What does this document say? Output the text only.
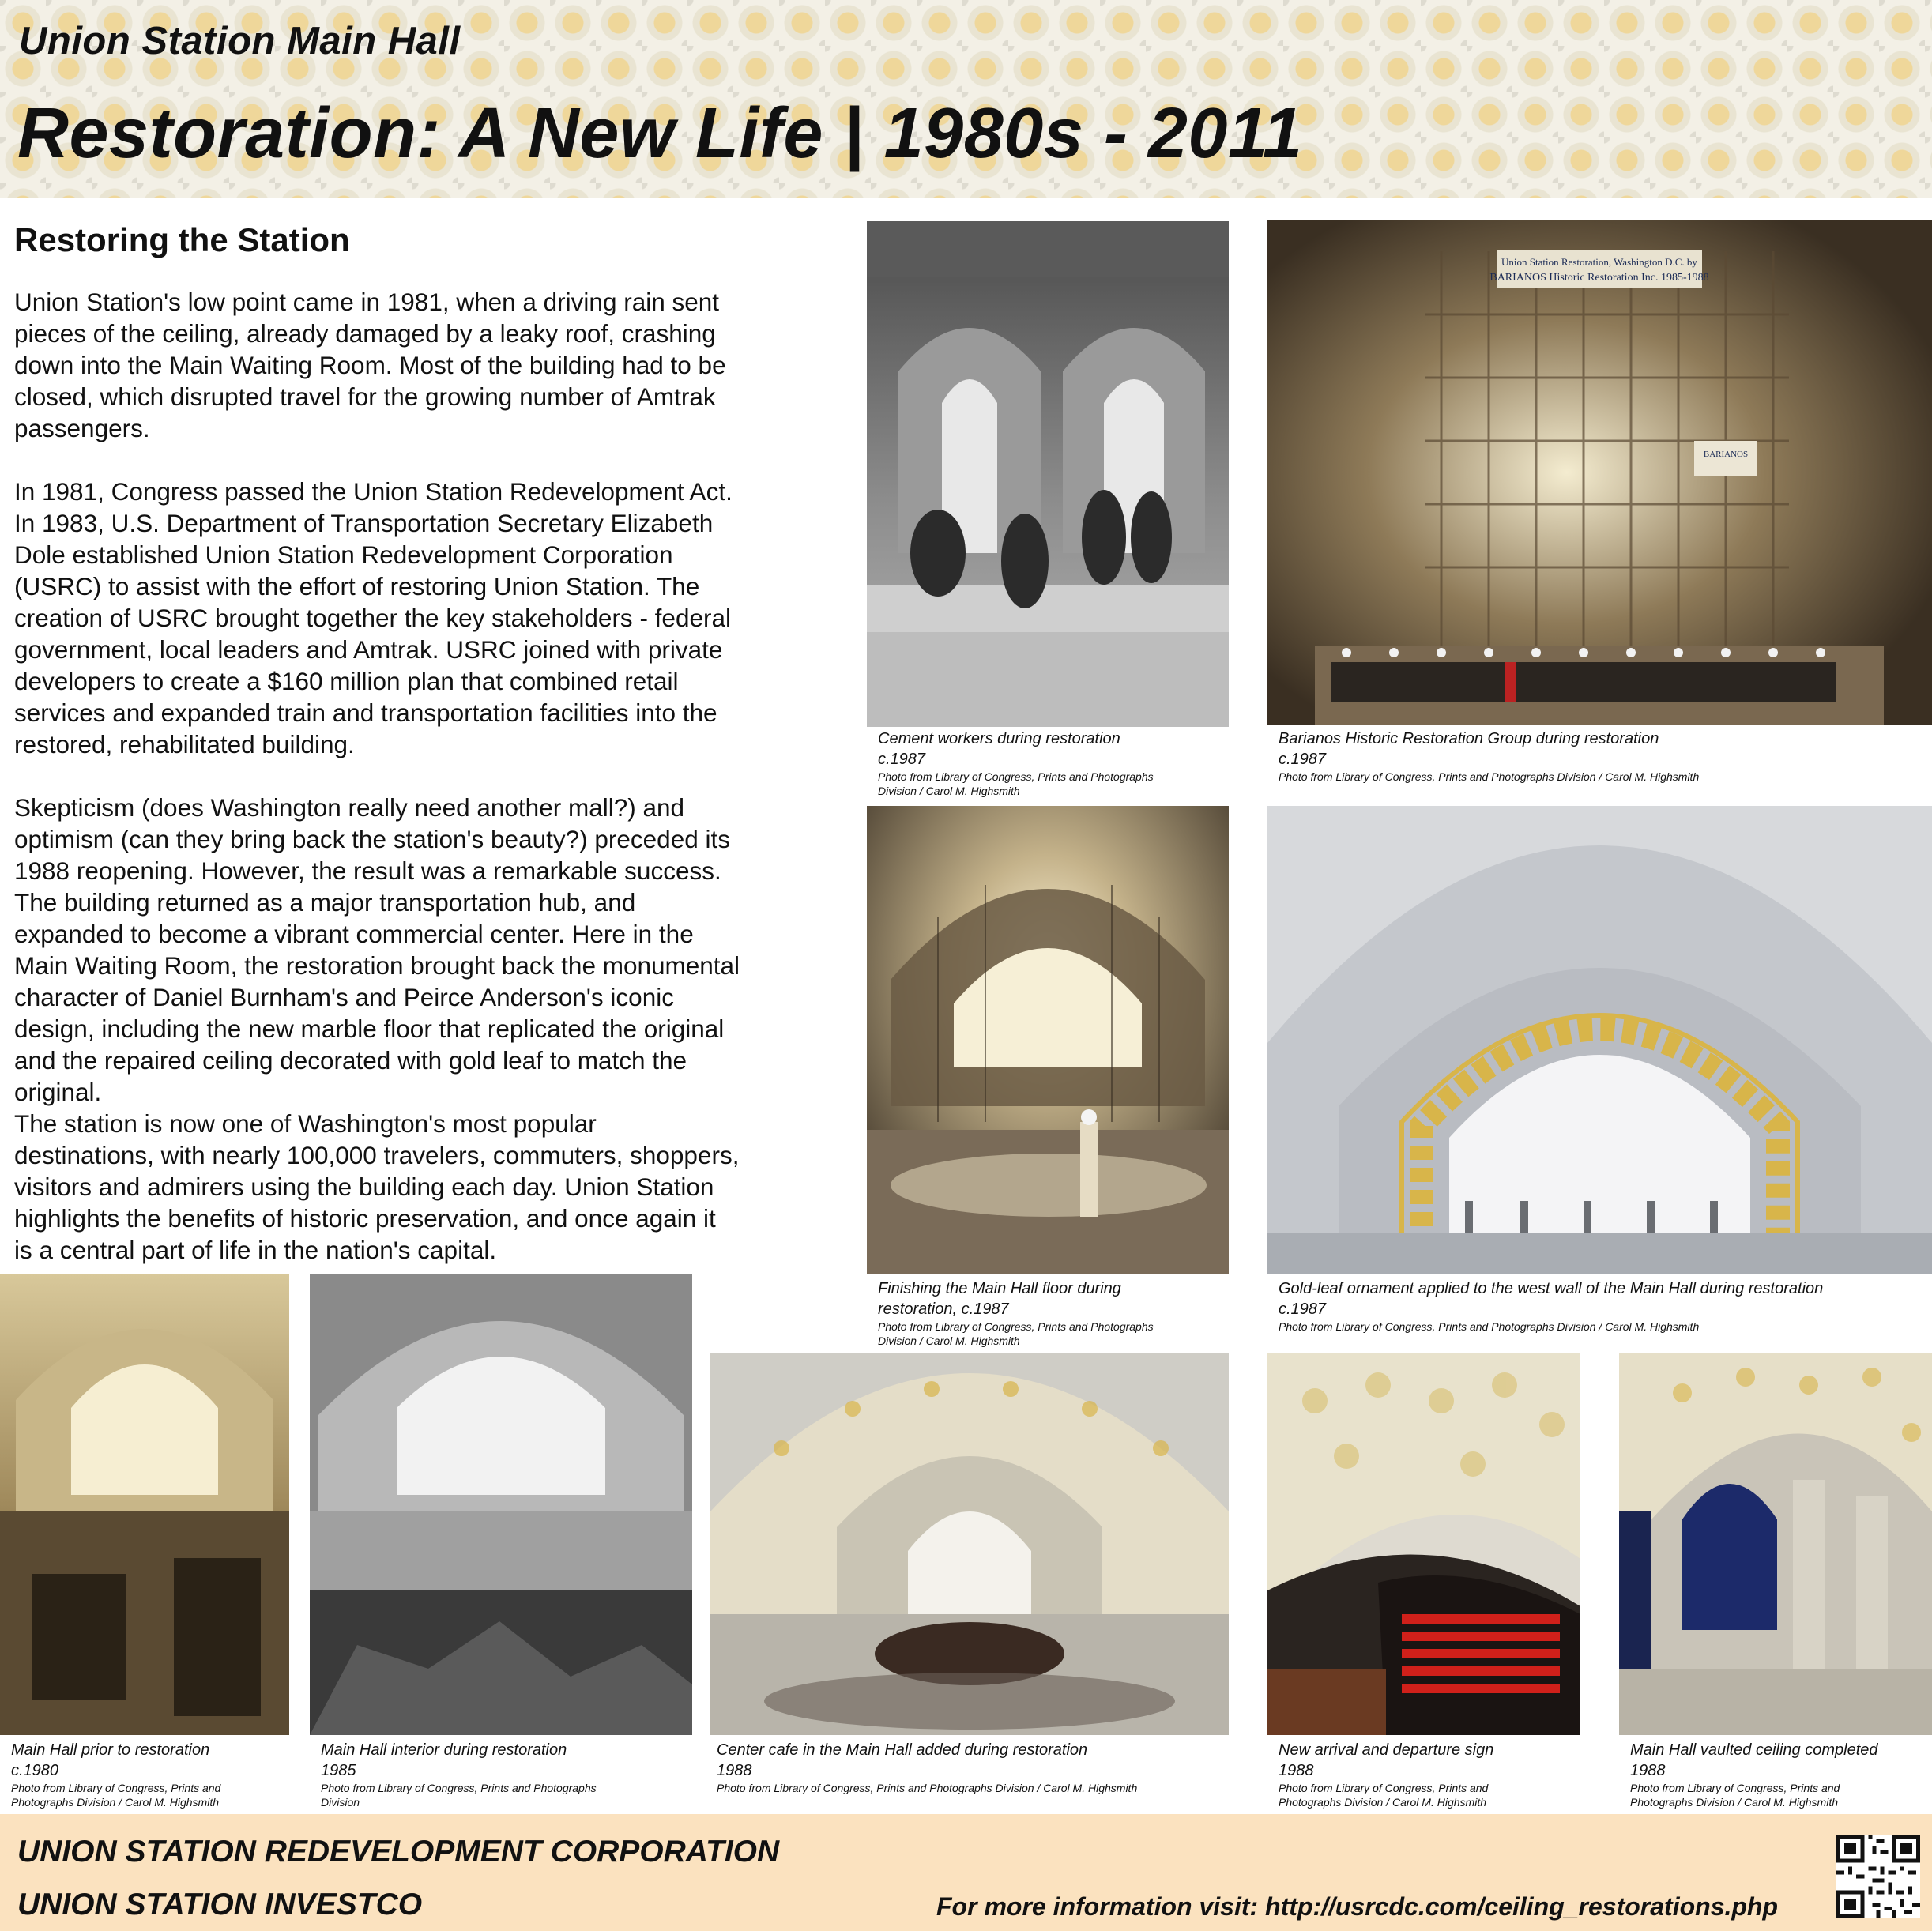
Union Station Main Hall
Restoration: A New Life | 1980s - 2011
Restoring the Station

Union Station's low point came in 1981, when a driving rain sent
pieces of the ceiling, already damaged by a leaky roof, crashing
down into the Main Waiting Room. Most of the building had to be
closed, which disrupted travel for the growing number of Amtrak
passengers.

In 1981, Congress passed the Union Station Redevelopment Act.
In 1983, U.S. Department of Transportation Secretary Elizabeth
Dole established Union Station Redevelopment Corporation
(USRC) to assist with the effort of restoring Union Station. The
creation of USRC brought together the key stakeholders - federal
government, local leaders and Amtrak. USRC joined with private
developers to create a $160 million plan that combined retail
services and expanded train and transportation facilities into the
restored, rehabilitated building.

Skepticism (does Washington really need another mall?) and
optimism (can they bring back the station's beauty?) preceded its
1988 reopening. However, the result was a remarkable success.
The building returned as a major transportation hub, and
expanded to become a vibrant commercial center. Here in the
Main Waiting Room, the restoration brought back the monumental
character of Daniel Burnham's and Peirce Anderson's iconic
design, including the new marble floor that replicated the original
and the repaired ceiling decorated with gold leaf to match the
original.

The station is now one of Washington's most popular
destinations, with nearly 100,000 travelers, commuters, shoppers,
visitors and admirers using the building each day. Union Station
highlights the benefits of historic preservation, and once again it
is a central part of life in the nation's capital.

Cement workers during restoration
c.1987
Photo from Library of Congress, Prints and Photographs
Division / Carol M. Highsmith
Union Station Restoration, Washington D.C. by
BARIANOS Historic Restoration Inc. 1985-1988
BARIANOS
Barianos Historic Restoration Group during restoration
c.1987
Photo from Library of Congress, Prints and Photographs Division / Carol M. Highsmith
Finishing the Main Hall floor during
restoration, c.1987
Photo from Library of Congress, Prints and Photographs
Division / Carol M. Highsmith
Gold-leaf ornament applied to the west wall of the Main Hall during restoration
c.1987
Photo from Library of Congress, Prints and Photographs Division / Carol M. Highsmith
Main Hall prior to restoration
c.1980
Photo from Library of Congress, Prints and
Photographs Division / Carol M. Highsmith
Main Hall interior during restoration
1985
Photo from Library of Congress, Prints and Photographs
Division
Center cafe in the Main Hall added during restoration
1988
Photo from Library of Congress, Prints and Photographs Division / Carol M. Highsmith
New arrival and departure sign
1988
Photo from Library of Congress, Prints and
Photographs Division / Carol M. Highsmith
Main Hall vaulted ceiling completed
1988
Photo from Library of Congress, Prints and
Photographs Division / Carol M. Highsmith
UNION STATION REDEVELOPMENT CORPORATION
UNION STATION INVESTCO	For more information visit: http://usrcdc.com/ceiling_restorations.php
